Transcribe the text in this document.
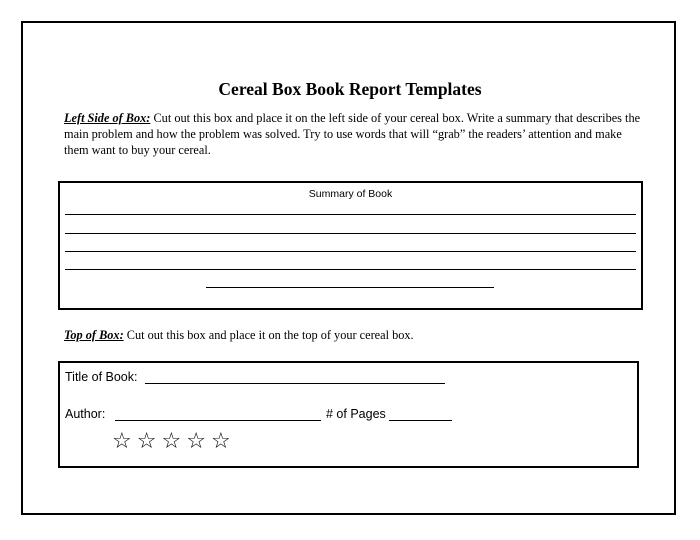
Cereal Box Book Report Templates
Left Side of Box: Cut out this box and place it on the left side of your cereal box. Write a summary that describes the main problem and how the problem was solved. Try to use words that will “grab” the readers’ attention and make them want to buy your cereal.
Summary of Book
Top of Box: Cut out this box and place it on the top of your cereal box.
Title of Book:
Author:	# of Pages
☆☆☆☆☆
